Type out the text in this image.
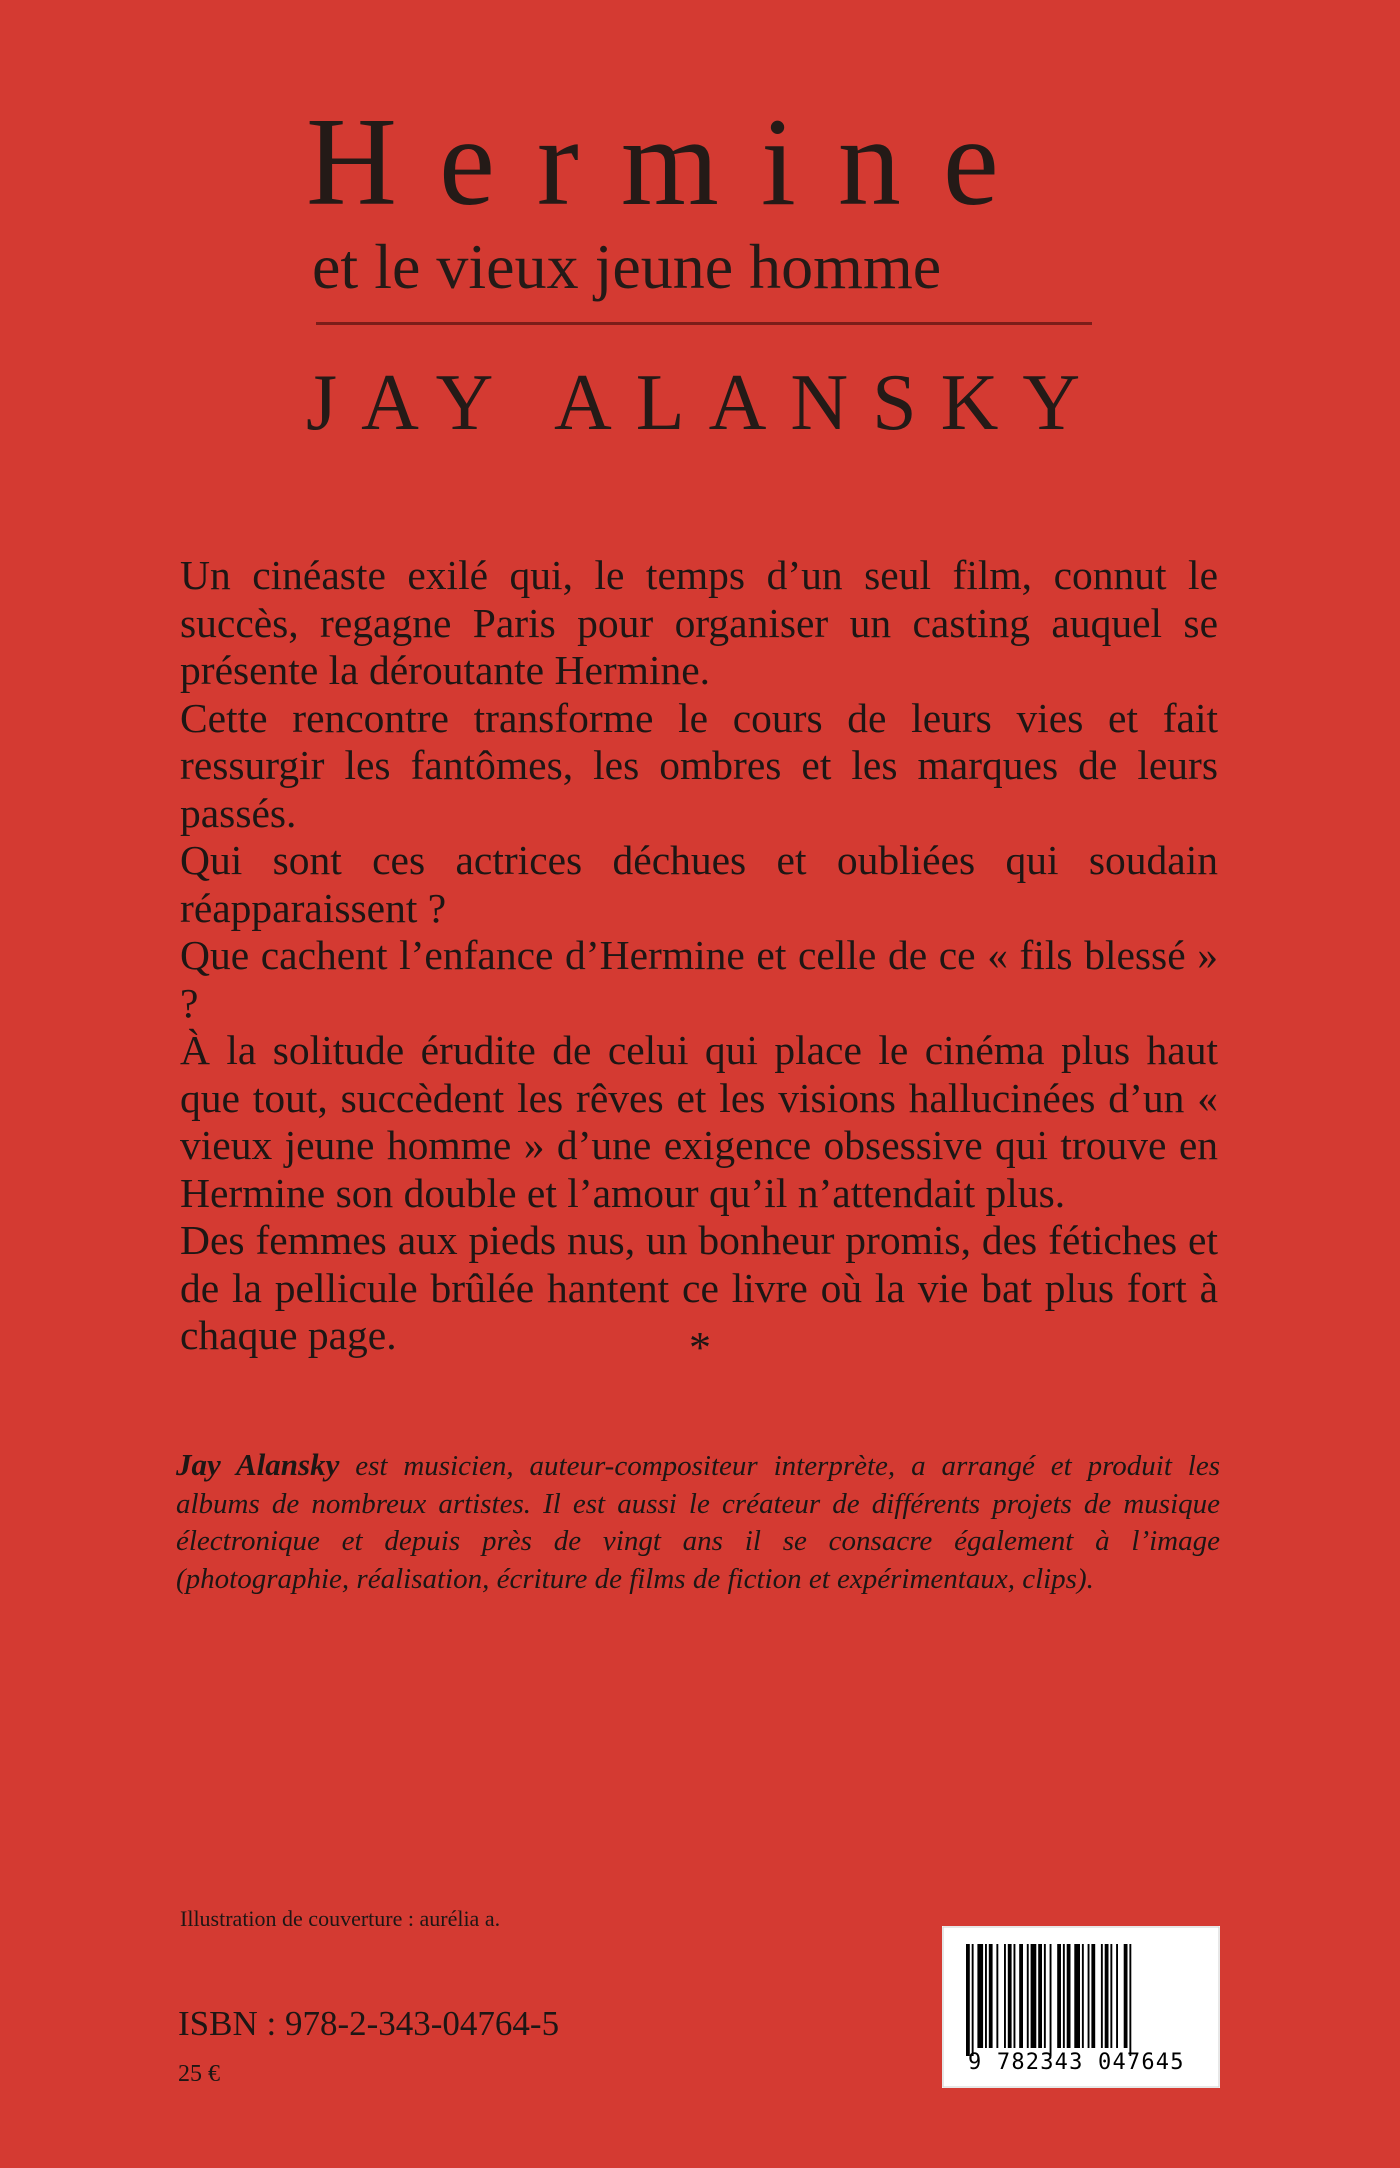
Hermine
et le vieux jeune homme
JAY ALANSKY

Un cinéaste exilé qui, le temps d’un seul film, connut le succès, regagne Paris pour organiser un casting auquel se présente la déroutante Hermine.

Cette rencontre transforme le cours de leurs vies et fait ressurgir les fantômes, les ombres et les marques de leurs passés.

Qui sont ces actrices déchues et oubliées qui soudain réapparaissent ?

Que cachent l’enfance d’Hermine et celle de ce « fils blessé » ?

À la solitude érudite de celui qui place le cinéma plus haut que tout, succèdent les rêves et les visions hallucinées d’un « vieux jeune homme » d’une exigence obsessive qui trouve en Hermine son double et l’amour qu’il n’attendait plus.

Des femmes aux pieds nus, un bonheur promis, des fétiches et de la pellicule brûlée hantent ce livre où la vie bat plus fort à chaque page.	*

Jay Alansky est musicien, auteur-compositeur interprète, a arrangé et produit les albums de nombreux artistes. Il est aussi le créateur de différents projets de musique électronique et depuis près de vingt ans il se consacre également à l’image (photographie, réalisation, écriture de films de fiction et expérimentaux, clips).

Illustration de couverture : aurélia a.
ISBN : 978-2-343-04764-5
25 €	9 782343 047645
